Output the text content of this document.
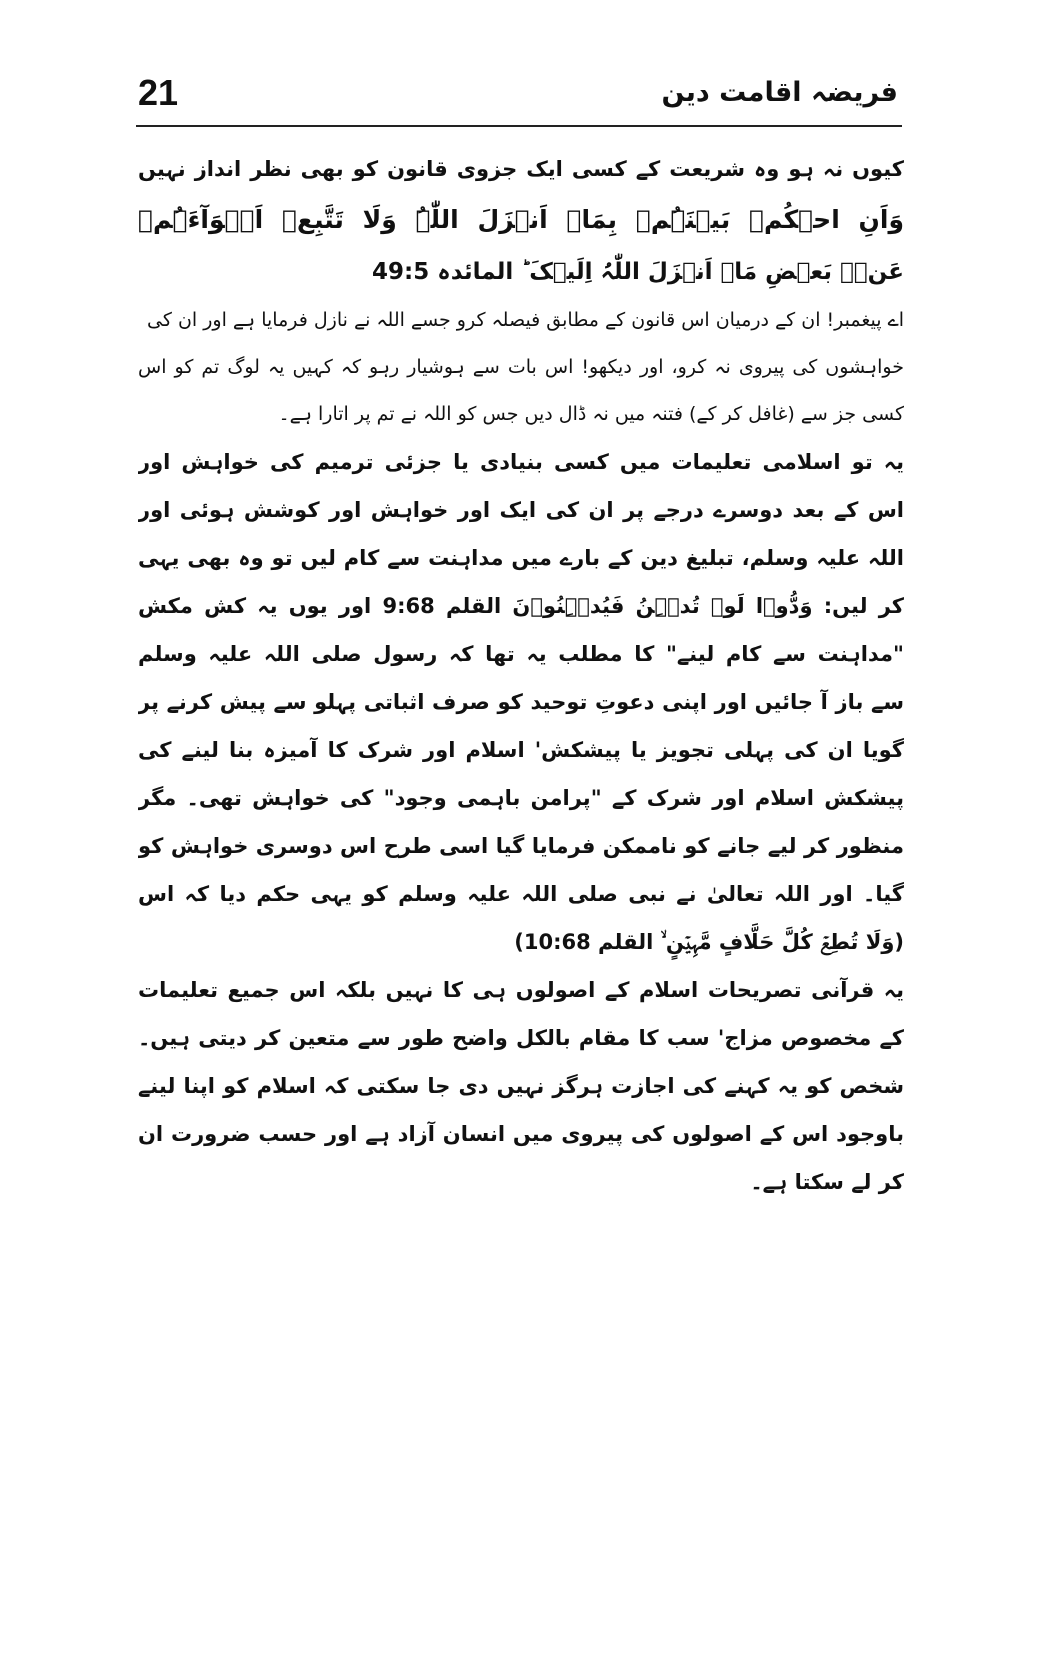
21	فریضہ اقامت دین

کیوں نہ ہو وہ شریعت کے کسی ایک جزوی قانون کو بھی نظر انداز نہیں

وَاَنِ احۡکُمۡ بَیۡنَہُمۡ بِمَاۤ اَنۡزَلَ اللّٰہُ وَلَا تَتَّبِعۡ اَہۡوَآءَہُمۡ

عَنۡۢ بَعۡضِ مَاۤ اَنۡزَلَ اللّٰہُ اِلَیۡکَ ؕ المائدہ 49:5

اے پیغمبر! ان کے درمیان اس قانون کے مطابق فیصلہ کرو جسے اللہ نے نازل فرمایا ہے اور ان کی

خواہشوں کی پیروی نہ کرو، اور دیکھو! اس بات سے ہوشیار رہو کہ کہیں یہ لوگ تم کو اس

کسی جز سے (غافل کر کے) فتنہ میں نہ ڈال دیں جس کو اللہ نے تم پر اتارا ہے۔

یہ تو اسلامی تعلیمات میں کسی بنیادی یا جزئی ترمیم کی خواہش اور

اس کے بعد دوسرے درجے پر ان کی ایک اور خواہش اور کوشش ہوئی اور

اللہ علیہ وسلم، تبلیغ دین کے بارے میں مداہنت سے کام لیں تو وہ بھی یہی

کر لیں: وَدُّوۡا لَوۡ تُدۡہِنُ فَیُدۡہِنُوۡنَ القلم 9:68 اور یوں یہ کش مکش

"مداہنت سے کام لینے" کا مطلب یہ تھا کہ رسول صلی اللہ علیہ وسلم

سے باز آ جائیں اور اپنی دعوتِ توحید کو صرف اثباتی پہلو سے پیش کرنے پر

گویا ان کی پہلی تجویز یا پیشکش' اسلام اور شرک کا آمیزہ بنا لینے کی

پیشکش اسلام اور شرک کے "پرامن باہمی وجود" کی خواہش تھی۔ مگر

منظور کر لیے جانے کو ناممکن فرمایا گیا اسی طرح اس دوسری خواہش کو

گیا۔ اور اللہ تعالیٰ نے نبی صلی اللہ علیہ وسلم کو یہی حکم دیا کہ اس

(وَلَا تُطِعۡ کُلَّ حَلَّافٍ مَّہِیۡنٍ ۙ القلم 10:68)

یہ قرآنی تصریحات اسلام کے اصولوں ہی کا نہیں بلکہ اس جمیع تعلیمات

کے مخصوص مزاج' سب کا مقام بالکل واضح طور سے متعین کر دیتی ہیں۔

شخص کو یہ کہنے کی اجازت ہرگز نہیں دی جا سکتی کہ اسلام کو اپنا لینے

باوجود اس کے اصولوں کی پیروی میں انسان آزاد ہے اور حسب ضرورت ان

کر لے سکتا ہے۔
